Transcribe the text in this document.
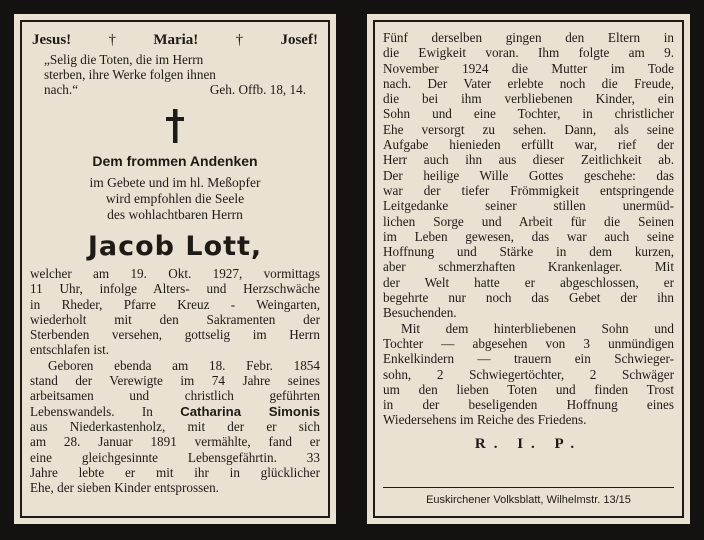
Jesus! † Maria! † Josef!
„Selig die Toten, die im Herrn
sterben, ihre Werke folgen ihnen
nach.“	Geh. Offb. 18, 14.
Dem frommen Andenken
im Gebete und im hl. Meßopfer
wird empfohlen die Seele
des wohlachtbaren Herrn
Jacob Lott,
welcher am 19. Okt. 1927, vormittags
11 Uhr, infolge Alters- und Herzschwäche
in Rheder, Pfarre Kreuz - Weingarten,
wiederholt mit den Sakramenten der
Sterbenden versehen, gottselig im Herrn
entschlafen ist.
Geboren ebenda am 18. Febr. 1854
stand der Verewigte im 74 Jahre seines
arbeitsamen und christlich geführten
Lebenswandels. In Catharina Simonis
aus Niederkastenholz, mit der er sich
am 28. Januar 1891 vermählte, fand er
eine gleichgesinnte Lebensgefährtin. 33
Jahre lebte er mit ihr in glücklicher
Ehe, der sieben Kinder entsprossen.
Fünf derselben gingen den Eltern in
die Ewigkeit voran. Ihm folgte am 9.
November 1924 die Mutter im Tode
nach. Der Vater erlebte noch die Freude,
die bei ihm verbliebenen Kinder, ein
Sohn und eine Tochter, in christlicher
Ehe versorgt zu sehen. Dann, als seine
Aufgabe hienieden erfüllt war, rief der
Herr auch ihn aus dieser Zeitlichkeit ab.
Der heilige Wille Gottes geschehe: das
war der tiefer Frömmigkeit entspringende
Leitgedanke seiner stillen unermüd-
lichen Sorge und Arbeit für die Seinen
im Leben gewesen, das war auch seine
Hoffnung und Stärke in dem kurzen,
aber schmerzhaften Krankenlager. Mit
der Welt hatte er abgeschlossen, er
begehrte nur noch das Gebet der ihn
Besuchenden.
Mit dem hinterbliebenen Sohn und
Tochter — abgesehen von 3 unmündigen
Enkelkindern — trauern ein Schwieger-
sohn, 2 Schwiegertöchter, 2 Schwäger
um den lieben Toten und finden Trost
in der beseligenden Hoffnung eines
Wiedersehens im Reiche des Friedens.
R. I. P.
Euskirchener Volksblatt, Wilhelmstr. 13/15
